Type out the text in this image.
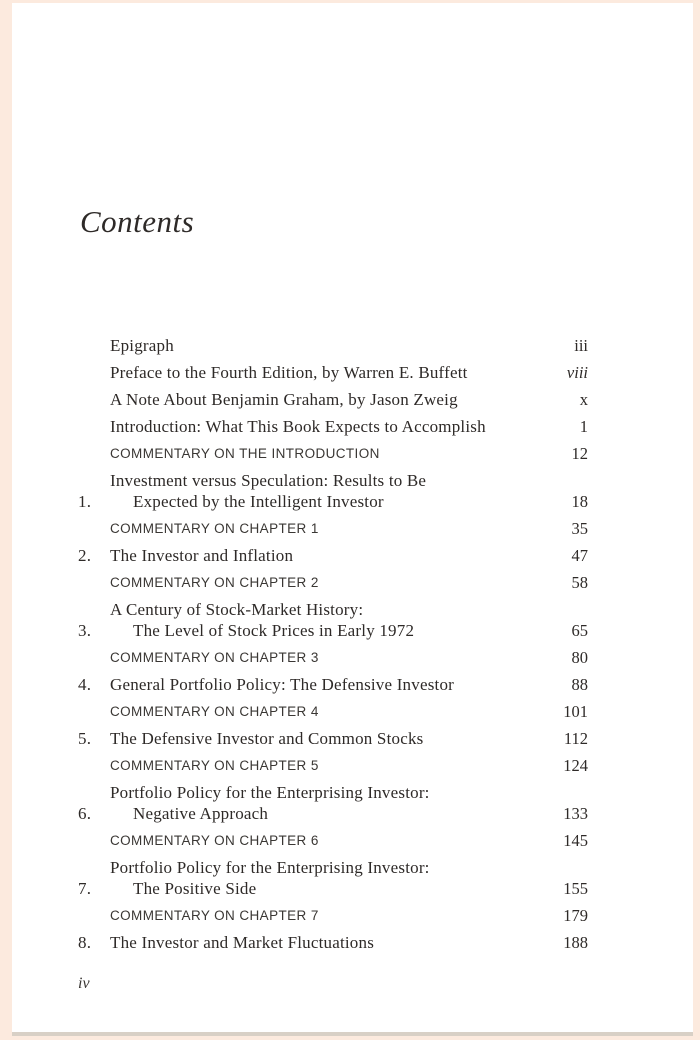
Contents
Epigraph	iii
Preface to the Fourth Edition, by Warren E. Buffett	viii
A Note About Benjamin Graham, by Jason Zweig	x
Introduction: What This Book Expects to Accomplish	1
COMMENTARY ON THE INTRODUCTION	12
1.
Investment versus Speculation: Results to Be
Expected by the Intelligent Investor	18
COMMENTARY ON CHAPTER 1	35
2.	The Investor and Inflation	47
COMMENTARY ON CHAPTER 2	58
3.
A Century of Stock-Market History:
The Level of Stock Prices in Early 1972	65
COMMENTARY ON CHAPTER 3	80
4.	General Portfolio Policy: The Defensive Investor	88
COMMENTARY ON CHAPTER 4	101
5.	The Defensive Investor and Common Stocks	112
COMMENTARY ON CHAPTER 5	124
6.
Portfolio Policy for the Enterprising Investor:
Negative Approach	133
COMMENTARY ON CHAPTER 6	145
7.
Portfolio Policy for the Enterprising Investor:
The Positive Side	155
COMMENTARY ON CHAPTER 7	179
8.	The Investor and Market Fluctuations	188
iv
